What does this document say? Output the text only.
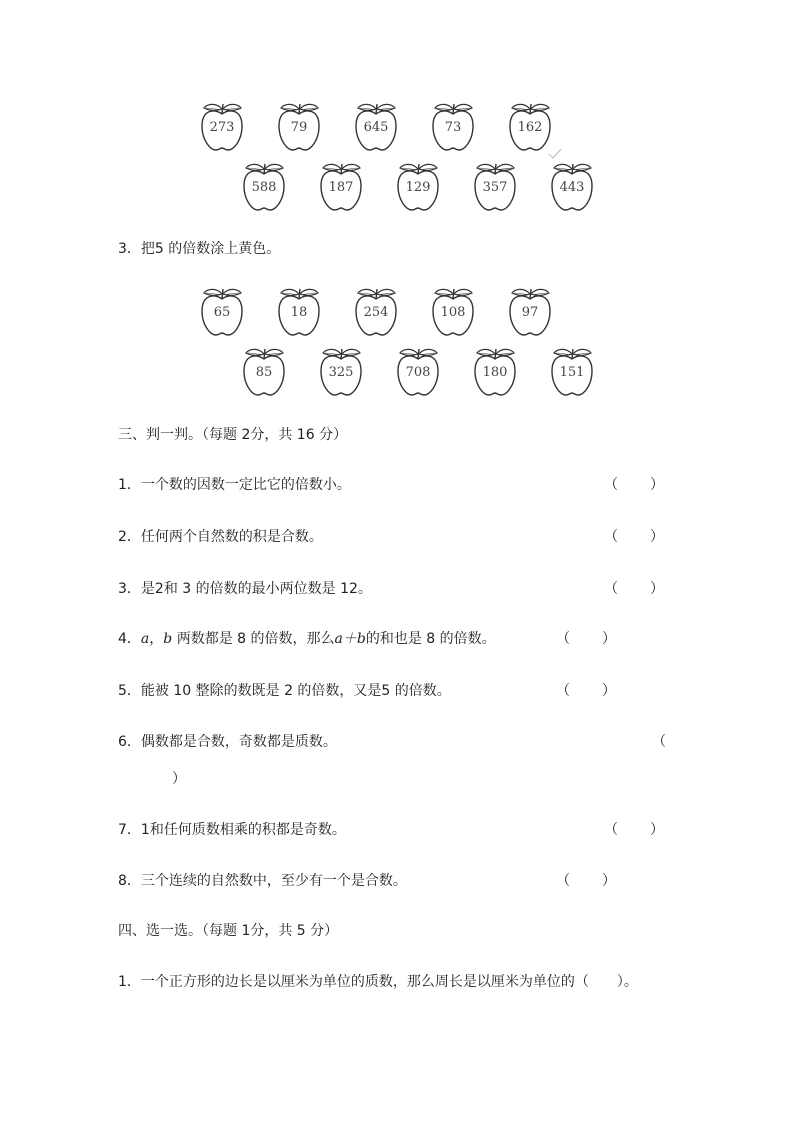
273	79	645	73	162
588	187	129	357	443
3．把5 的倍数涂上黄色。
65	18	254	108	97
85	325	708	180	151
三、判一判。（每题 2分，共 16 分）
1．一个数的因数一定比它的倍数小。	（ ）
2．任何两个自然数的积是合数。	（ ）
3．是2和 3 的倍数的最小两位数是 12。	（ ）
4．a，b 两数都是 8 的倍数，那么a＋b的和也是 8 的倍数。	（ ）
5．能被 10 整除的数既是 2 的倍数，又是5 的倍数。	（ ）
6．偶数都是合数，奇数都是质数。	（
）
7．1和任何质数相乘的积都是奇数。	（ ）
8．三个连续的自然数中，至少有一个是合数。	（ ）
四、选一选。（每题 1分，共 5 分）
1．一个正方形的边长是以厘米为单位的质数，那么周长是以厘米为单位的（　　）。
